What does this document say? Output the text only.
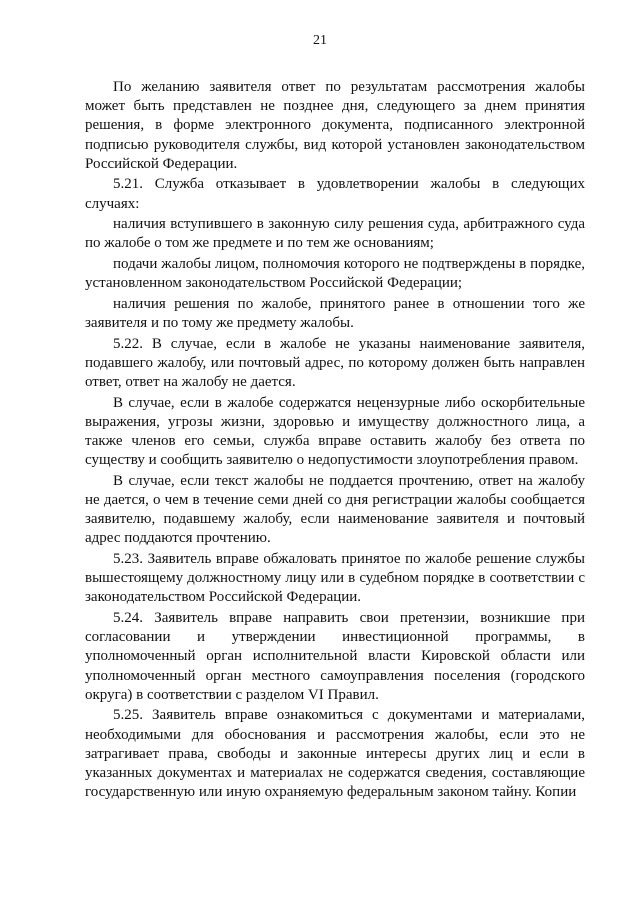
21

По желанию заявителя ответ по результатам рассмотрения жалобы может быть представлен не позднее дня, следующего за днем принятия решения, в форме электронного документа, подписанного электронной подписью руководителя службы, вид которой установлен законодательством Российской Федерации.

5.21. Служба отказывает в удовлетворении жалобы в следующих случаях:

наличия вступившего в законную силу решения суда, арбитражного суда по жалобе о том же предмете и по тем же основаниям;

подачи жалобы лицом, полномочия которого не подтверждены в порядке, установленном законодательством Российской Федерации;

наличия решения по жалобе, принятого ранее в отношении того же заявителя и по тому же предмету жалобы.

5.22. В случае, если в жалобе не указаны наименование заявителя, подавшего жалобу, или почтовый адрес, по которому должен быть направлен ответ, ответ на жалобу не дается.

В случае, если в жалобе содержатся нецензурные либо оскорбительные выражения, угрозы жизни, здоровью и имуществу должностного лица, а также членов его семьи, служба вправе оставить жалобу без ответа по существу и сообщить заявителю о недопустимости злоупотребления правом.

В случае, если текст жалобы не поддается прочтению, ответ на жалобу не дается, о чем в течение семи дней со дня регистрации жалобы сообщается заявителю, подавшему жалобу, если наименование заявителя и почтовый адрес поддаются прочтению.

5.23. Заявитель вправе обжаловать принятое по жалобе решение службы вышестоящему должностному лицу или в судебном порядке в соответствии с законодательством Российской Федерации.

5.24. Заявитель вправе направить свои претензии, возникшие при согласовании и утверждении инвестиционной программы, в уполномоченный орган исполнительной власти Кировской области или уполномоченный орган местного самоуправления поселения (городского округа) в соответствии с разделом VI Правил.

5.25. Заявитель вправе ознакомиться с документами и материалами, необходимыми для обоснования и рассмотрения жалобы, если это не затрагивает права, свободы и законные интересы других лиц и если в указанных документах и материалах не содержатся сведения, составляющие государственную или иную охраняемую федеральным законом тайну. Копии
